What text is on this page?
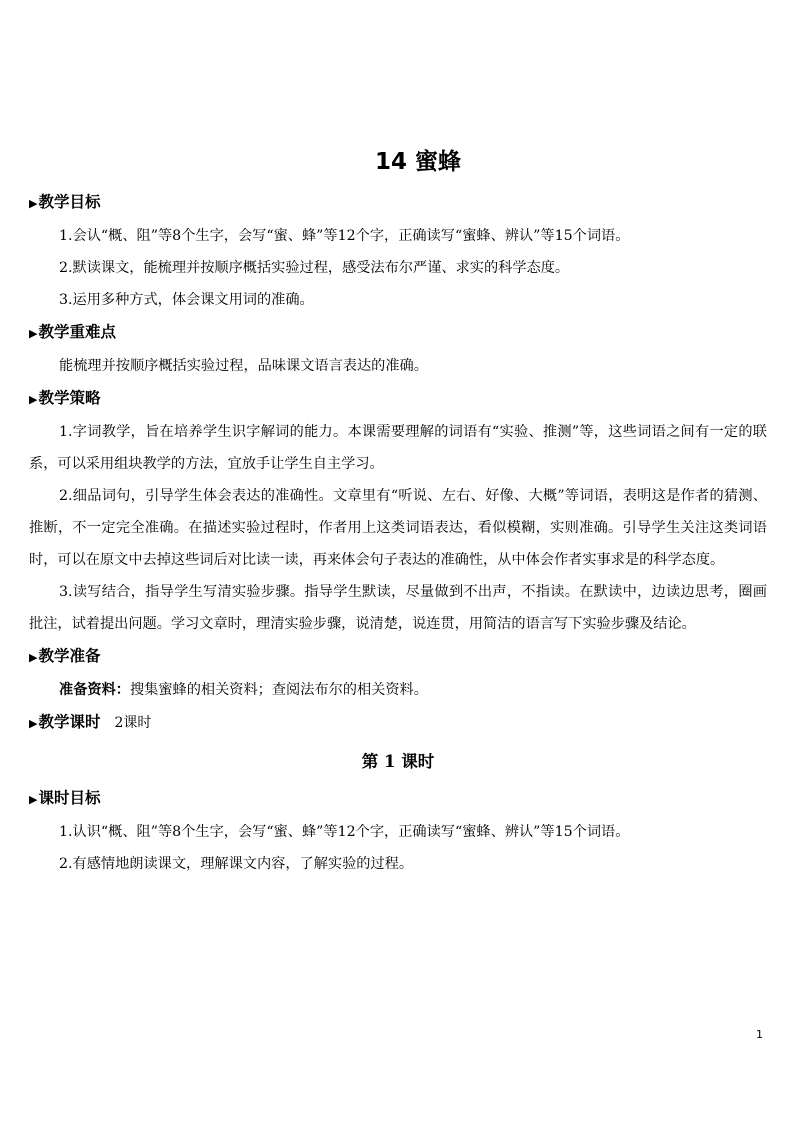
14 蜜蜂
▶教学目标

1.会认“概、阻”等8个生字，会写“蜜、蜂”等12个字，正确读写“蜜蜂、辨认”等15个词语。

2.默读课文，能梳理并按顺序概括实验过程，感受法布尔严谨、求实的科学态度。

3.运用多种方式，体会课文用词的准确。

▶教学重难点

能梳理并按顺序概括实验过程，品味课文语言表达的准确。

▶教学策略

1.字词教学，旨在培养学生识字解词的能力。本课需要理解的词语有“实验、推测”等，这些词语之间有一定的联系，可以采用组块教学的方法，宜放手让学生自主学习。

2.细品词句，引导学生体会表达的准确性。文章里有“听说、左右、好像、大概”等词语，表明这是作者的猜测、推断，不一定完全准确。在描述实验过程时，作者用上这类词语表达，看似模糊，实则准确。引导学生关注这类词语时，可以在原文中去掉这些词后对比读一读，再来体会句子表达的准确性，从中体会作者实事求是的科学态度。

3.读写结合，指导学生写清实验步骤。指导学生默读，尽量做到不出声，不指读。在默读中，边读边思考，圈画批注，试着提出问题。学习文章时，理清实验步骤，说清楚，说连贯，用简洁的语言写下实验步骤及结论。

▶教学准备

准备资料：搜集蜜蜂的相关资料；查阅法布尔的相关资料。

▶教学课时 2课时
第 1 课时
▶课时目标

1.认识“概、阻”等8个生字，会写“蜜、蜂”等12个字，正确读写“蜜蜂、辨认”等15个词语。

2.有感情地朗读课文，理解课文内容，了解实验的过程。

1
